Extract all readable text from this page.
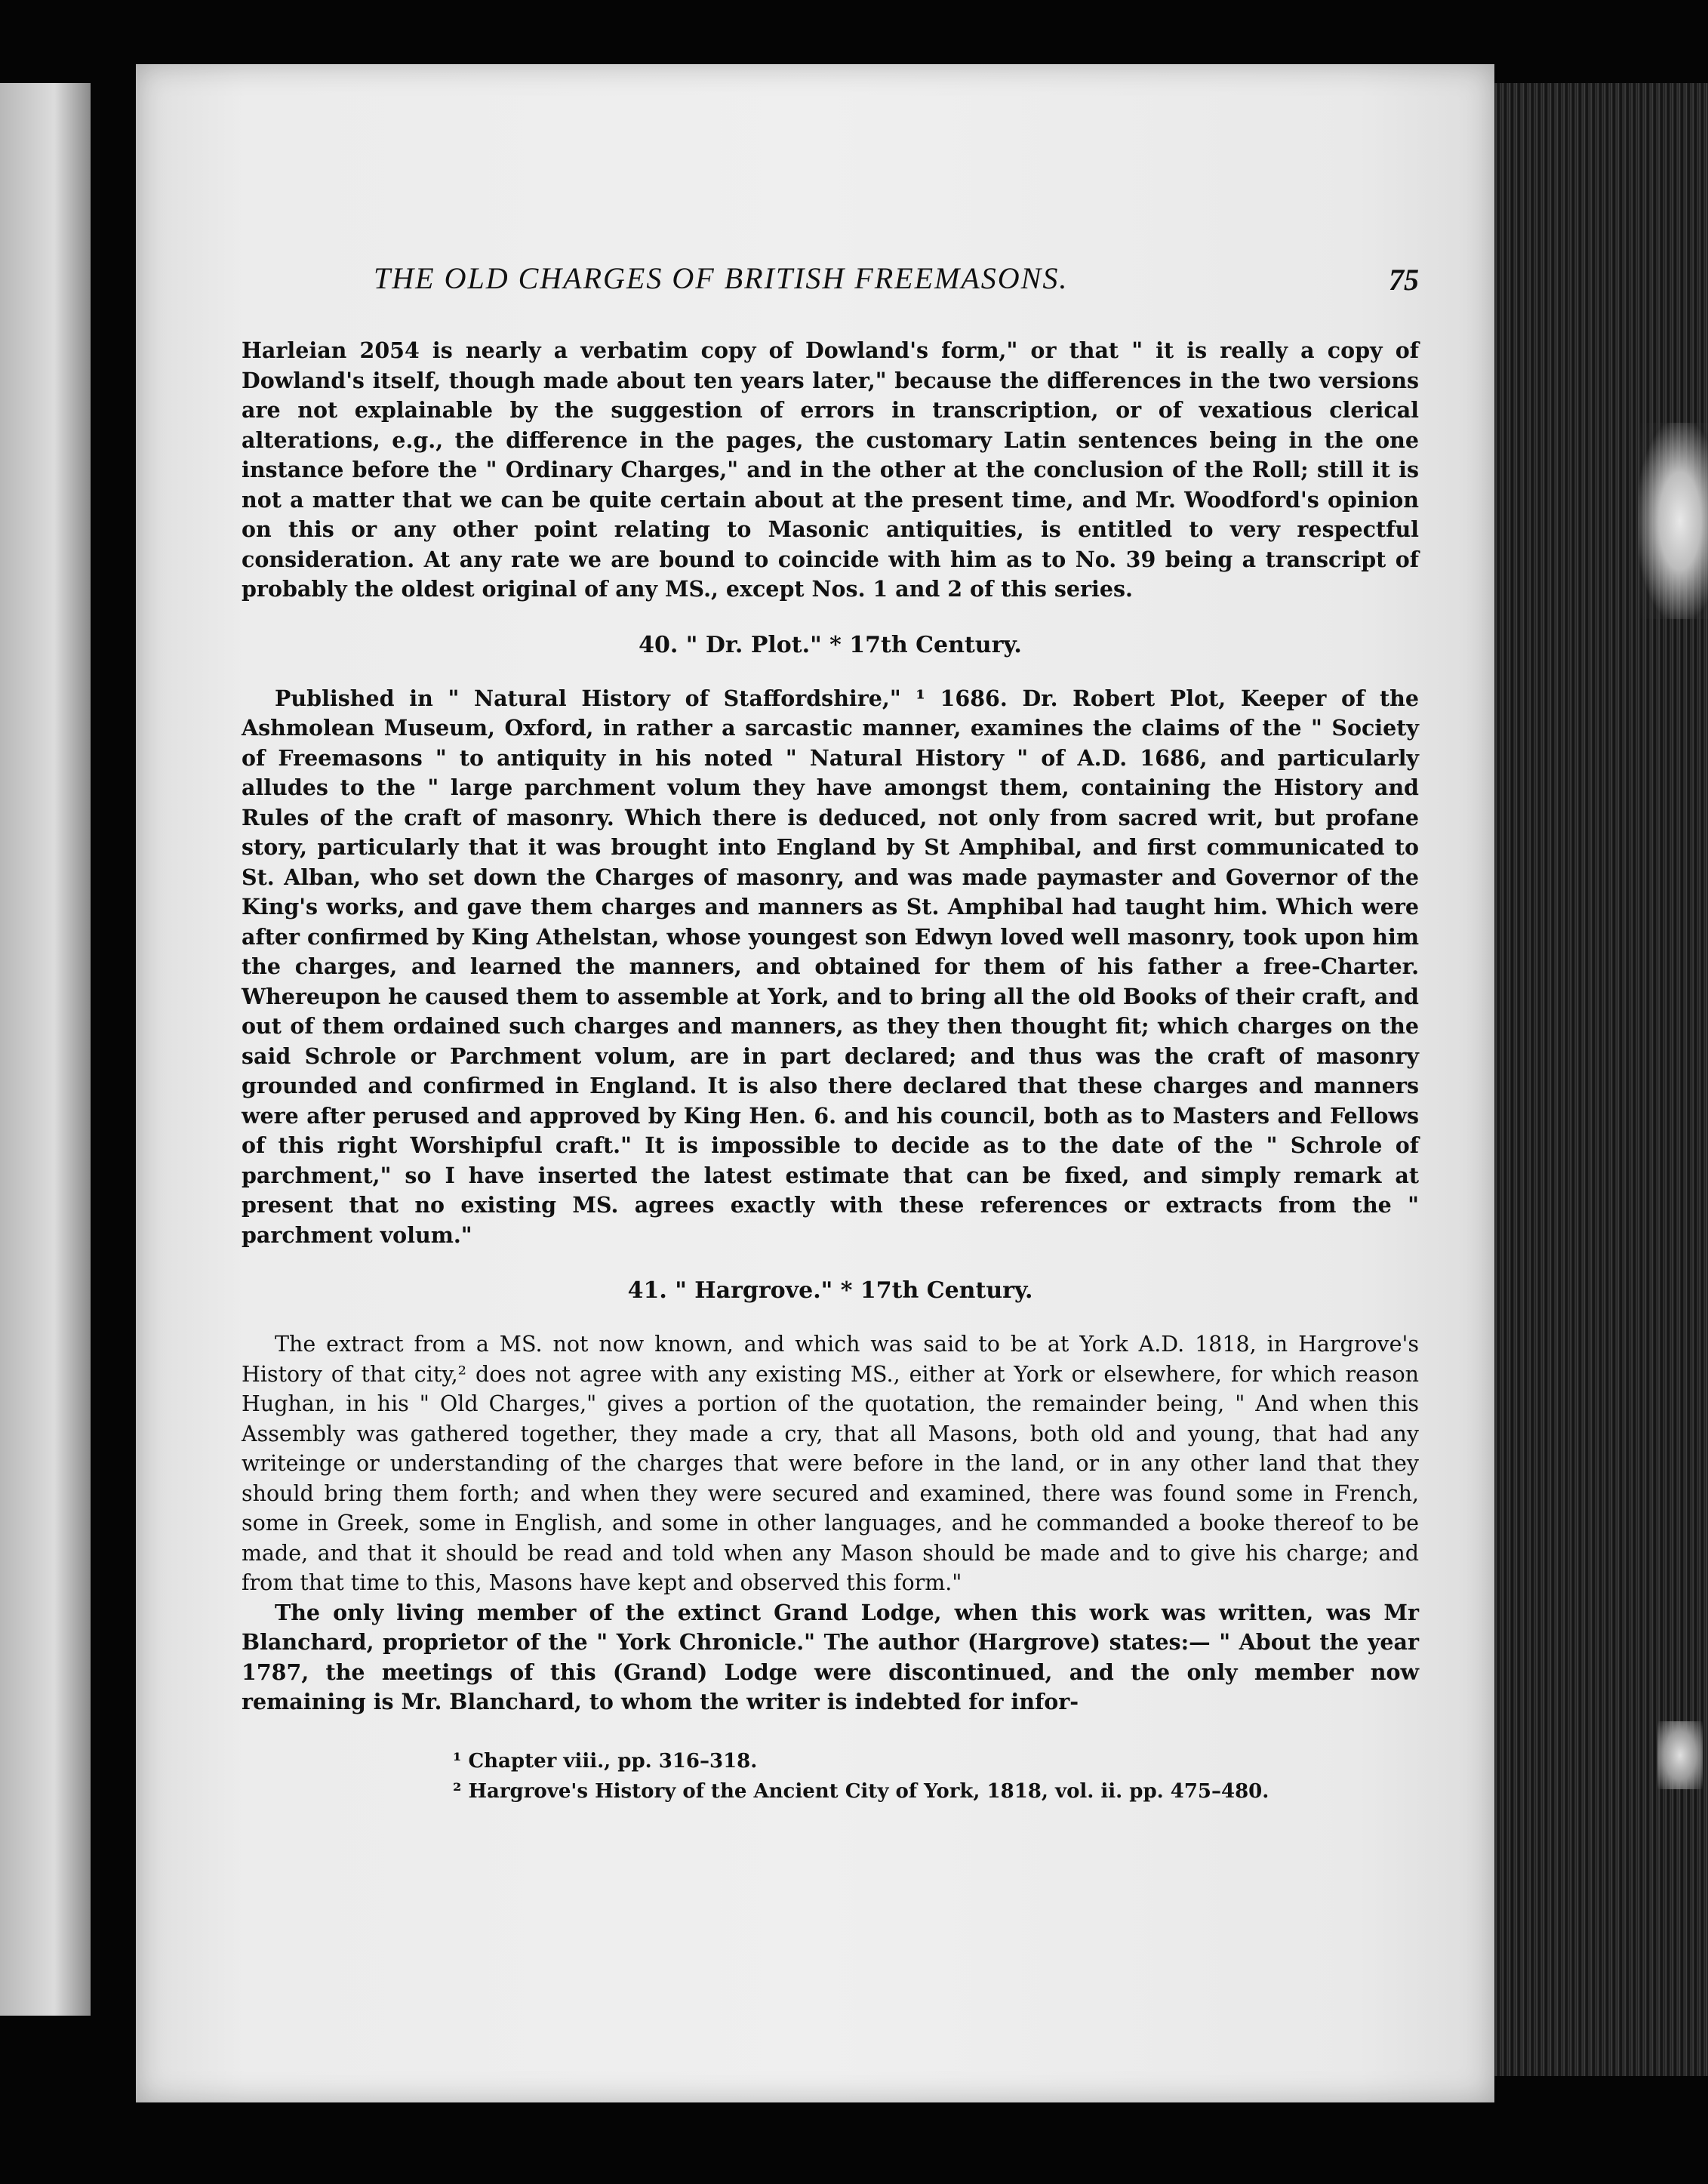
THE OLD CHARGES OF BRITISH FREEMASONS.	75

Harleian 2054 is nearly a verbatim copy of Dowland's form," or that " it is really a copy of Dowland's itself, though made about ten years later," because the differences in the two versions are not explainable by the suggestion of errors in transcription, or of vexatious clerical alterations, e.g., the difference in the pages, the customary Latin sentences being in the one instance before the " Ordinary Charges," and in the other at the conclusion of the Roll; still it is not a matter that we can be quite certain about at the present time, and Mr. Woodford's opinion on this or any other point relating to Masonic antiquities, is entitled to very respectful consideration. At any rate we are bound to coincide with him as to No. 39 being a transcript of probably the oldest original of any MS., except Nos. 1 and 2 of this series.

40. " Dr. Plot." * 17th Century.

Published in " Natural History of Staffordshire," ¹ 1686. Dr. Robert Plot, Keeper of the Ashmolean Museum, Oxford, in rather a sarcastic manner, examines the claims of the " Society of Freemasons " to antiquity in his noted " Natural History " of A.D. 1686, and particularly alludes to the " large parchment volum they have amongst them, containing the History and Rules of the craft of masonry. Which there is deduced, not only from sacred writ, but profane story, particularly that it was brought into England by St Amphibal, and first communicated to St. Alban, who set down the Charges of masonry, and was made paymaster and Governor of the King's works, and gave them charges and manners as St. Amphibal had taught him. Which were after confirmed by King Athelstan, whose youngest son Edwyn loved well masonry, took upon him the charges, and learned the manners, and obtained for them of his father a free-Charter. Whereupon he caused them to assemble at York, and to bring all the old Books of their craft, and out of them ordained such charges and manners, as they then thought fit; which charges on the said Schrole or Parchment volum, are in part declared; and thus was the craft of masonry grounded and confirmed in England. It is also there declared that these charges and manners were after perused and approved by King Hen. 6. and his council, both as to Masters and Fellows of this right Worshipful craft." It is impossible to decide as to the date of the " Schrole of parchment," so I have inserted the latest estimate that can be fixed, and simply remark at present that no existing MS. agrees exactly with these references or extracts from the " parchment volum."

41. " Hargrove." * 17th Century.

The extract from a MS. not now known, and which was said to be at York A.D. 1818, in Hargrove's History of that city,² does not agree with any existing MS., either at York or elsewhere, for which reason Hughan, in his " Old Charges," gives a portion of the quotation, the remainder being, " And when this Assembly was gathered together, they made a cry, that all Masons, both old and young, that had any writeinge or understanding of the charges that were before in the land, or in any other land that they should bring them forth; and when they were secured and examined, there was found some in French, some in Greek, some in English, and some in other languages, and he commanded a booke thereof to be made, and that it should be read and told when any Mason should be made and to give his charge; and from that time to this, Masons have kept and observed this form."

The only living member of the extinct Grand Lodge, when this work was written, was Mr Blanchard, proprietor of the " York Chronicle." The author (Hargrove) states:— " About the year 1787, the meetings of this (Grand) Lodge were discontinued, and the only member now remaining is Mr. Blanchard, to whom the writer is indebted for infor-

¹ Chapter viii., pp. 316–318.
² Hargrove's History of the Ancient City of York, 1818, vol. ii. pp. 475–480.
